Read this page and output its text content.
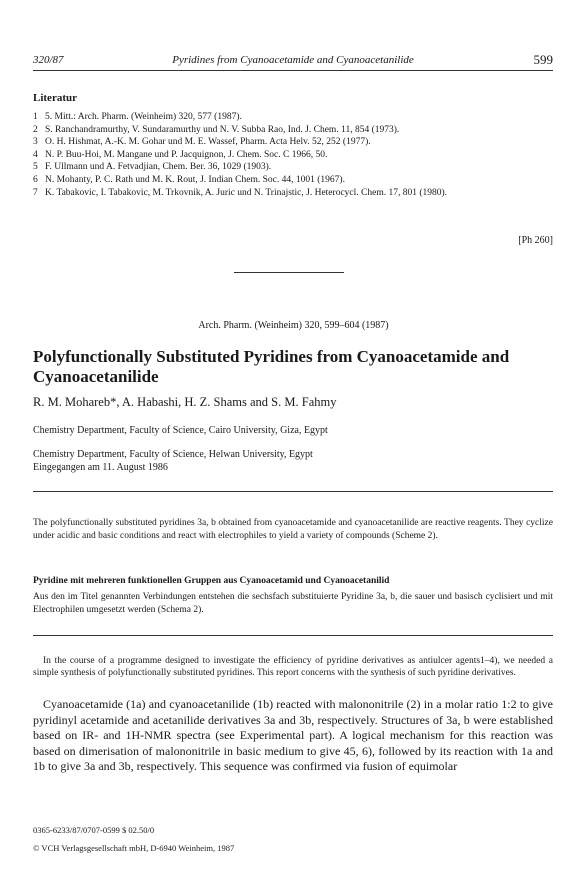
320/87	Pyridines from Cyanoacetamide and Cyanoacetanilide	599
Literatur
1 5. Mitt.: Arch. Pharm. (Weinheim) 320, 577 (1987).
2 S. Ranchandramurthy, V. Sundaramurthy und N. V. Subba Rao, Ind. J. Chem. 11, 854 (1973).
3 O. H. Hishmat, A.-K. M. Gohar und M. E. Wassef, Pharm. Acta Helv. 52, 252 (1977).
4 N. P. Buu-Hoi, M. Mangane und P. Jacquignon, J. Chem. Soc. C 1966, 50.
5 F. Ullmann und A. Fetvadjian, Chem. Ber. 36, 1029 (1903).
6 N. Mohanty, P. C. Rath und M. K. Rout, J. Indian Chem. Soc. 44, 1001 (1967).
7 K. Tabakovic, I. Tabakovic, M. Trkovnik, A. Juric und N. Trinajstic, J. Heterocycl. Chem. 17, 801 (1980).
[Ph 260]
Arch. Pharm. (Weinheim) 320, 599–604 (1987)
Polyfunctionally Substituted Pyridines from Cyanoacetamide and Cyanoacetanilide
R. M. Mohareb*, A. Habashi, H. Z. Shams and S. M. Fahmy
Chemistry Department, Faculty of Science, Cairo University, Giza, Egypt
Chemistry Department, Faculty of Science, Helwan University, Egypt
Eingegangen am 11. August 1986
The polyfunctionally substituted pyridines 3a, b obtained from cyanoacetamide and cyanoacetanilide are reactive reagents. They cyclize under acidic and basic conditions and react with electrophiles to yield a variety of compounds (Scheme 2).
Pyridine mit mehreren funktionellen Gruppen aus Cyanoacetamid und Cyanoacetanilid
Aus den im Titel genannten Verbindungen entstehen die sechsfach substituierte Pyridine 3a, b, die sauer und basisch cyclisiert und mit Electrophilen umgesetzt werden (Schema 2).

In the course of a programme designed to investigate the efficiency of pyridine derivatives as antiulcer agents1–4), we needed a simple synthesis of polyfunctionally substituted pyridines. This report concerns with the synthesis of such pyridine derivatives.

Cyanoacetamide (1a) and cyanoacetanilide (1b) reacted with malononitrile (2) in a molar ratio 1:2 to give pyridinyl acetamide and acetanilide derivatives 3a and 3b, respectively. Structures of 3a, b were established based on IR- and 1H-NMR spectra (see Experimental part). A logical mechanism for this reaction was based on dimerisation of malononitrile in basic medium to give 45, 6), followed by its reaction with 1a and 1b to give 3a and 3b, respectively. This sequence was confirmed via fusion of equimolar

0365-6233/87/0707-0599 $ 02.50/0
© VCH Verlagsgesellschaft mbH, D-6940 Weinheim, 1987
